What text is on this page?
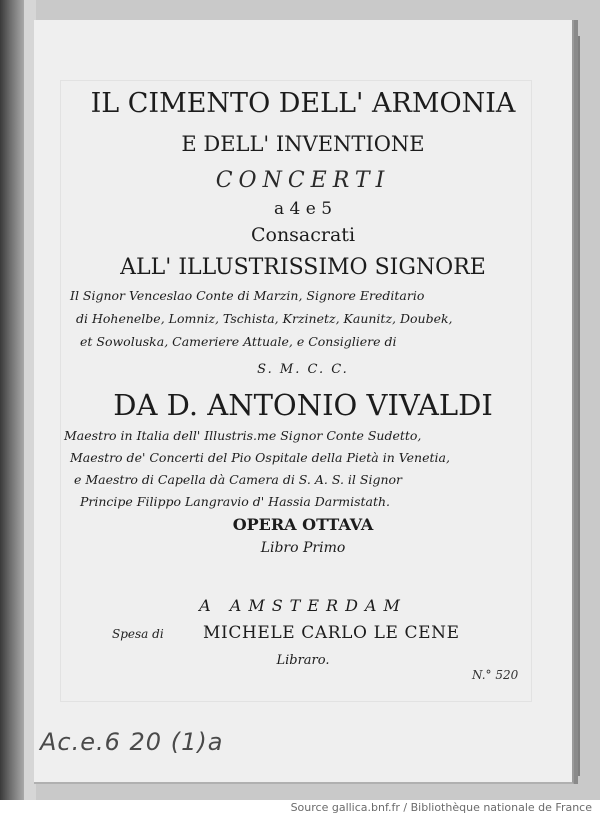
IL CIMENTO DELL' ARMONIA
E DELL' INVENTIONE
CONCERTI
a 4 e 5
Consacrati
ALL' ILLUSTRISSIMO SIGNORE
Il Signor Venceslao Conte di Marzin, Signore Ereditario
di Hohenelbe, Lomniz, Tschista, Krzinetz, Kaunitz, Doubek,
et Sowoluska, Cameriere Attuale, e Consigliere di
S. M. C. C.
DA D. ANTONIO VIVALDI
Maestro in Italia dell' Illustris.me Signor Conte Sudetto,
Maestro de' Concerti del Pio Ospitale della Pietà in Venetia,
e Maestro di Capella dà Camera di S. A. S. il Signor
Principe Filippo Langravio d' Hassia Darmistath.
OPERA OTTAVA
Libro Primo
A AMSTERDAM
Spesa di MICHELE CARLO LE CENE
Libraro.
N.° 520
Ac.e.6 20 (1)a
Source gallica.bnf.fr / Bibliothèque nationale de France
